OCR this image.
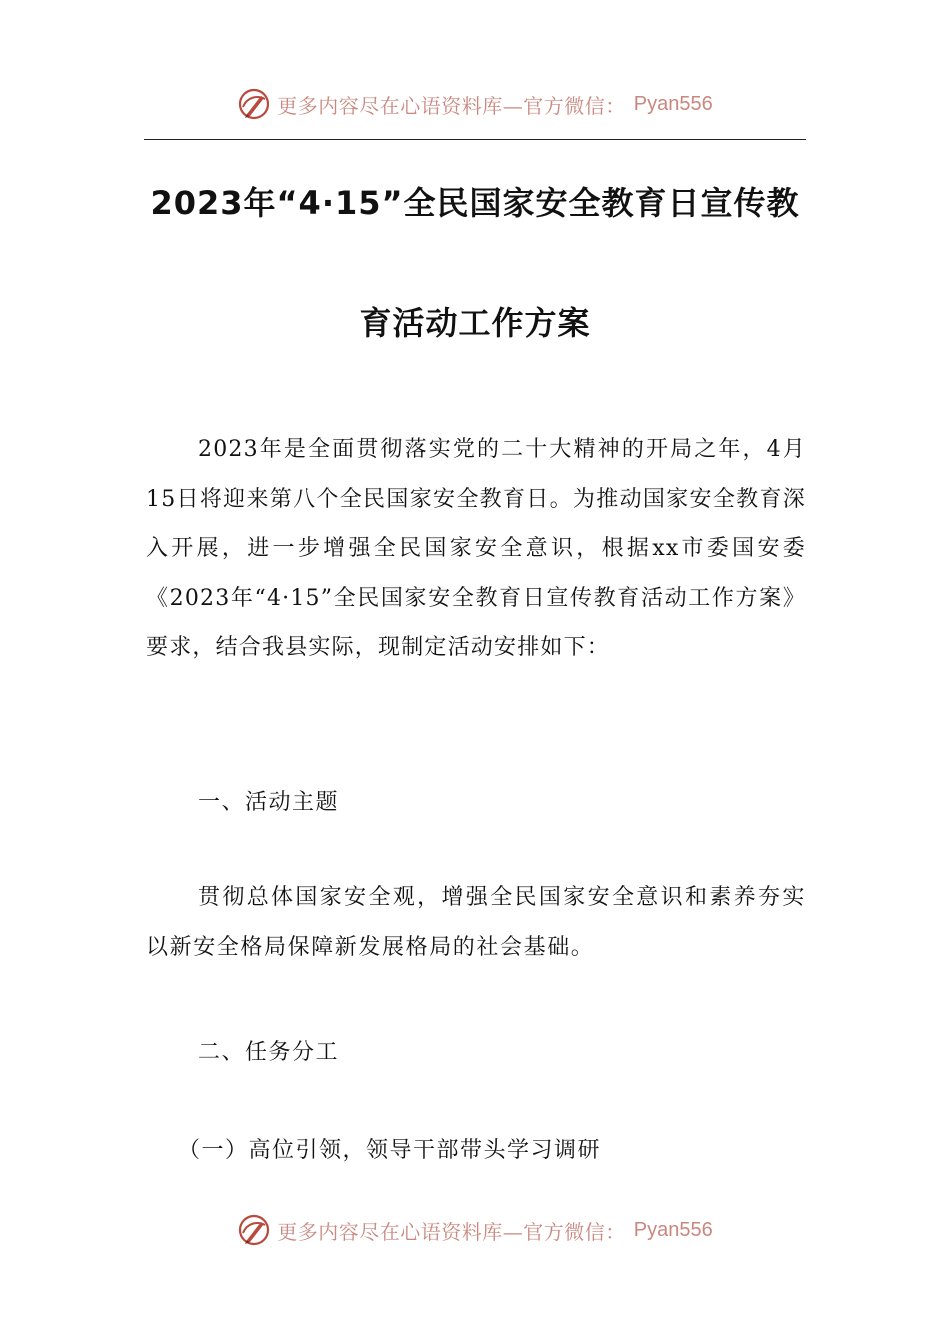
更多内容尽在心语资料库—官方微信： Pyan556
2023年“4·15”全民国家安全教育日宣传教
育活动工作方案
2023年是全面贯彻落实党的二十大精神的开局之年，4月15日将迎来第八个全民国家安全教育日。为推动国家安全教育深入开展，进一步增强全民国家安全意识，根据xx市委国安委《2023年“4·15”全民国家安全教育日宣传教育活动工作方案》要求，结合我县实际，现制定活动安排如下：
一、活动主题
贯彻总体国家安全观，增强全民国家安全意识和素养夯实以新安全格局保障新发展格局的社会基础。
二、任务分工
（一）高位引领，领导干部带头学习调研
更多内容尽在心语资料库—官方微信： Pyan556
